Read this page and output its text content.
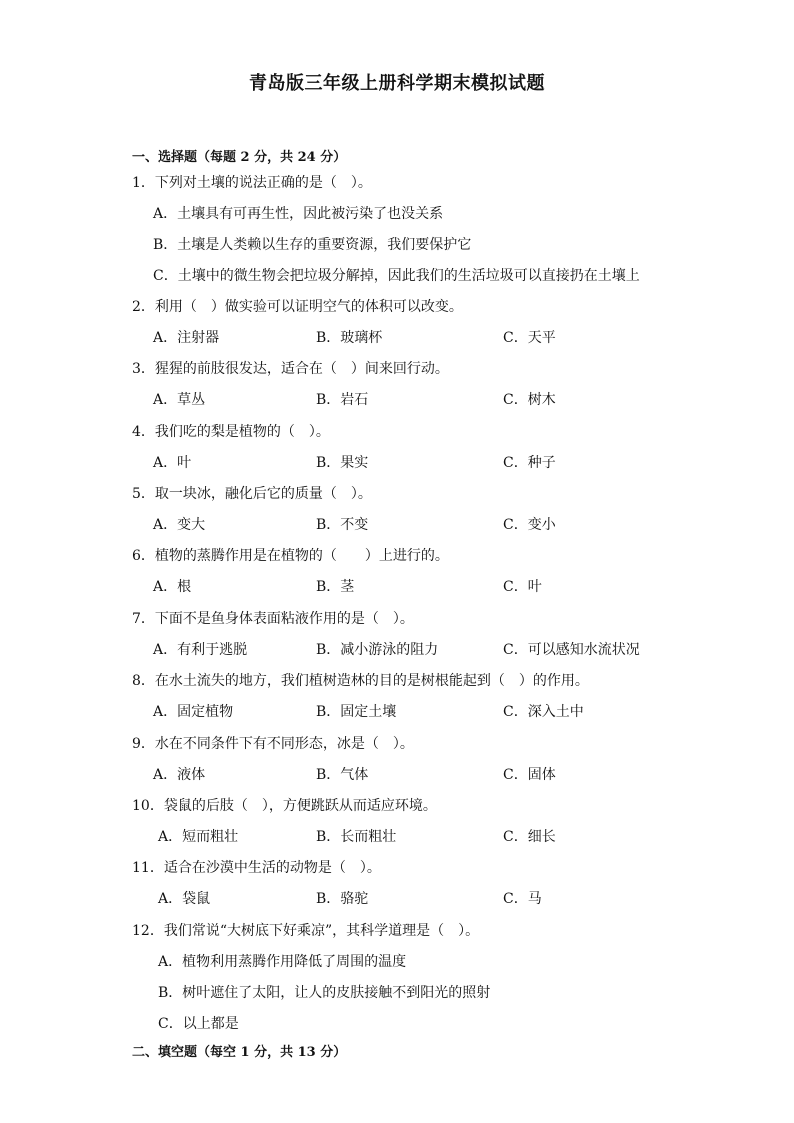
青岛版三年级上册科学期末模拟试题
一、选择题（每题 2 分，共 24 分）
1．下列对土壤的说法正确的是（　）。
A．土壤具有可再生性，因此被污染了也没关系
B．土壤是人类赖以生存的重要资源，我们要保护它
C．土壤中的微生物会把垃圾分解掉，因此我们的生活垃圾可以直接扔在土壤上
2．利用（　）做实验可以证明空气的体积可以改变。
A．注射器	B．玻璃杯	C．天平
3．猩猩的前肢很发达，适合在（　）间来回行动。
A．草丛	B．岩石	C．树木
4．我们吃的梨是植物的（　）。
A．叶	B．果实	C．种子
5．取一块冰，融化后它的质量（　）。
A．变大	B．不变	C．变小
6．植物的蒸腾作用是在植物的（　　）上进行的。
A．根	B．茎	C．叶
7．下面不是鱼身体表面粘液作用的是（　）。
A．有利于逃脱	B．减小游泳的阻力	C．可以感知水流状况
8．在水土流失的地方，我们植树造林的目的是树根能起到（　）的作用。
A．固定植物	B．固定土壤	C．深入土中
9．水在不同条件下有不同形态，冰是（　）。
A．液体	B．气体	C．固体
10．袋鼠的后肢（　），方便跳跃从而适应环境。
A．短而粗壮	B．长而粗壮	C．细长
11．适合在沙漠中生活的动物是（　）。
A．袋鼠	B．骆驼	C．马
12．我们常说“大树底下好乘凉”，其科学道理是（　）。
A．植物利用蒸腾作用降低了周围的温度
B．树叶遮住了太阳，让人的皮肤接触不到阳光的照射
C．以上都是
二、填空题（每空 1 分，共 13 分）
